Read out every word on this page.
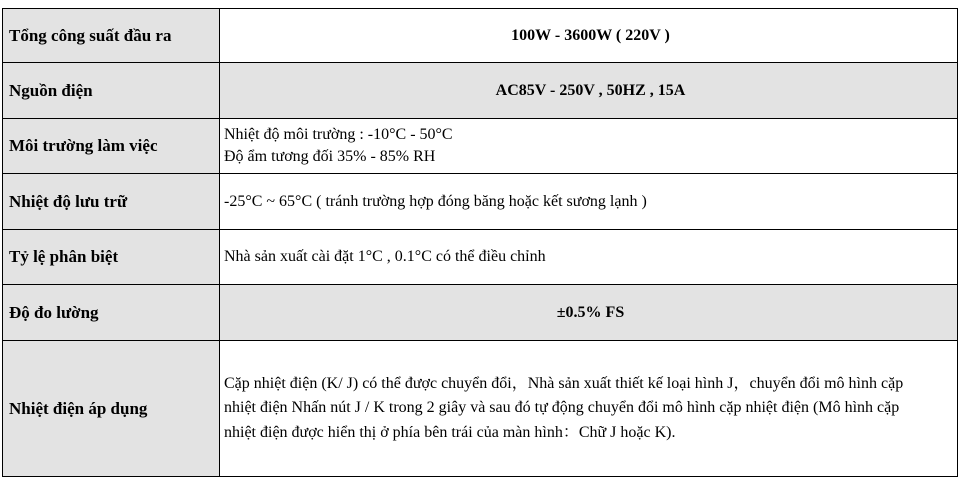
Tổng công suất đầu ra	100W - 3600W ( 220V )
Nguồn điện	AC85V - 250V , 50HZ , 15A
Môi trường làm việc	Nhiệt độ môi trường : -10°C - 50°C
Độ ẩm tương đối 35% - 85% RH

Nhiệt độ lưu trữ	-25°C ~ 65°C ( tránh trường hợp đóng băng hoặc kết sương lạnh )
Tỷ lệ phân biệt	Nhà sản xuất cài đặt 1°C , 0.1°C có thể điều chỉnh
Độ đo lường	±0.5% FS
Nhiệt điện áp dụng	Cặp nhiệt điện (K/ J) có thể được chuyển đổi，Nhà sản xuất thiết kế loại hình J，chuyển đổi mô hình cặp nhiệt điện Nhấn nút J / K trong 2 giây và sau đó tự động chuyển đổi mô hình cặp nhiệt điện (Mô hình cặp nhiệt điện được hiển thị ở phía bên trái của màn hình：Chữ J hoặc K).
